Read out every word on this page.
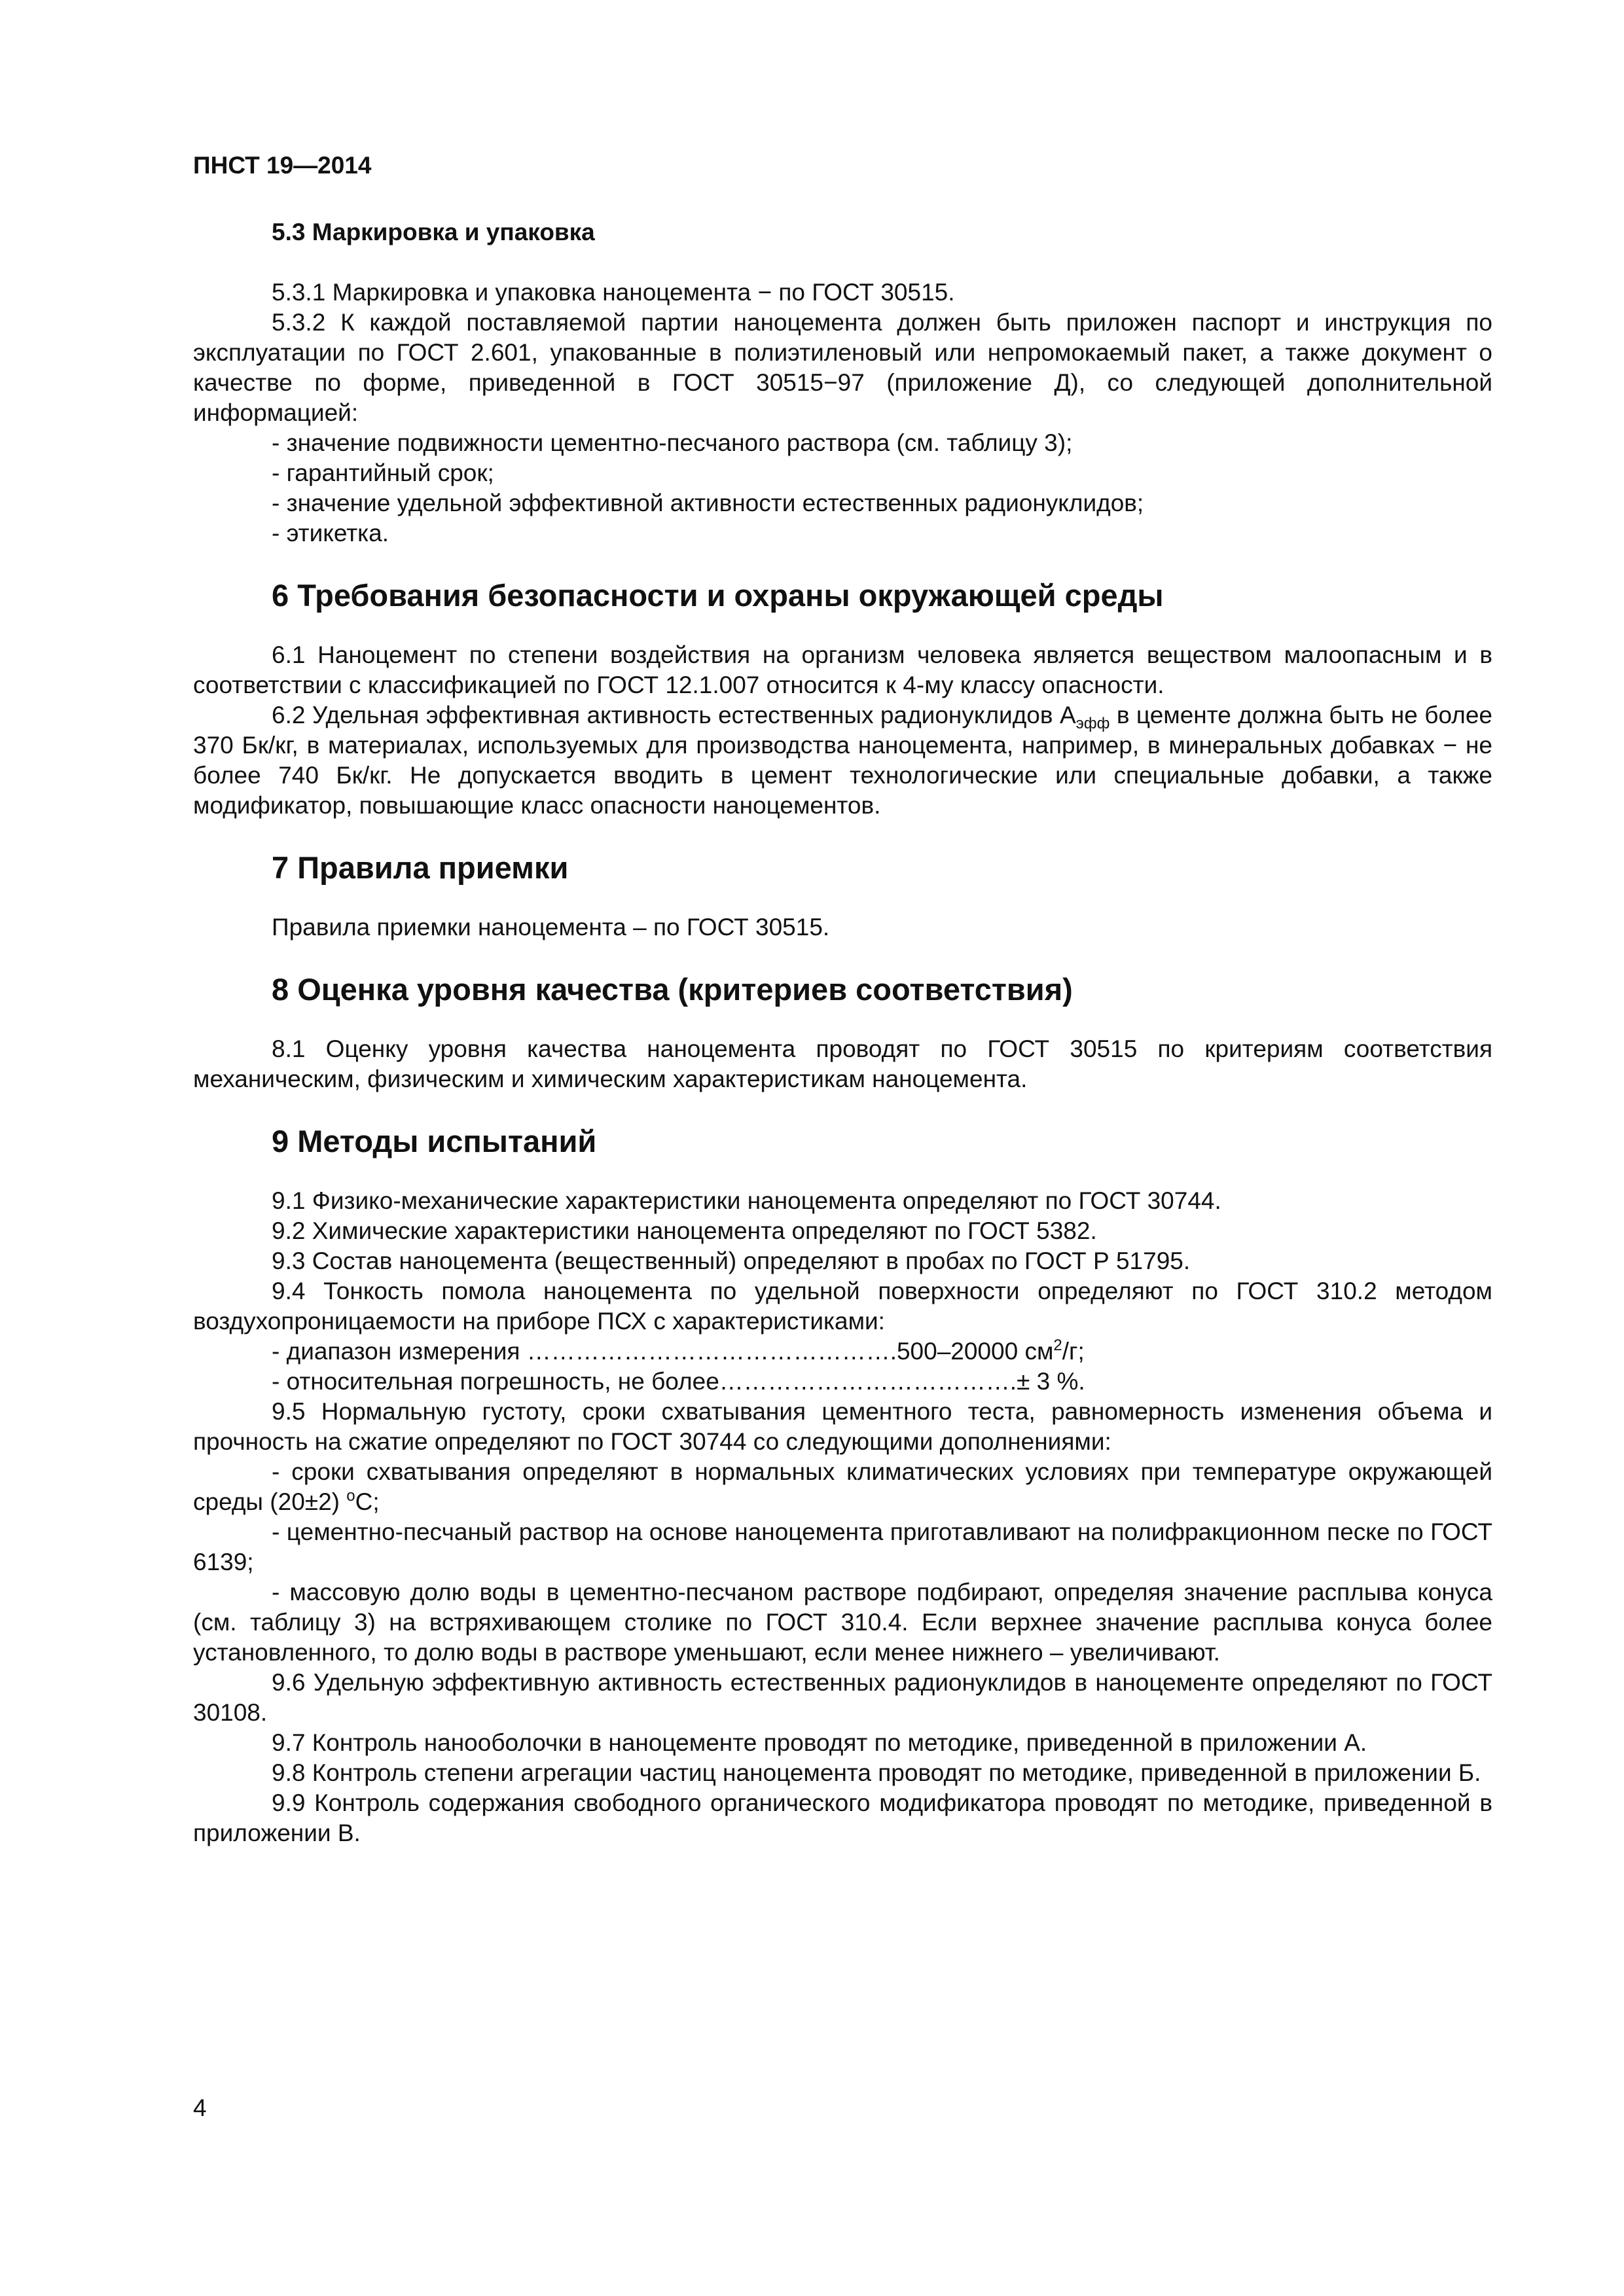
ПНСТ 19—2014

5.3 Маркировка и упаковка

5.3.1 Маркировка и упаковка наноцемента − по ГОСТ 30515.

5.3.2 К каждой поставляемой партии наноцемента должен быть приложен паспорт и инструкция по эксплуатации по ГОСТ 2.601, упакованные в полиэтиленовый или непромокаемый пакет, а также документ о качестве по форме, приведенной в ГОСТ 30515−97 (приложение Д), со следующей дополнительной информацией:

- значение подвижности цементно-песчаного раствора (см. таблицу 3);

- гарантийный срок;

- значение удельной эффективной активности естественных радионуклидов;

- этикетка.

6 Требования безопасности и охраны окружающей среды

6.1 Наноцемент по степени воздействия на организм человека является веществом малоопасным и в соответствии с классификацией по ГОСТ 12.1.007 относится к 4-му классу опасности.

6.2 Удельная эффективная активность естественных радионуклидов $А_{эфф}$ в цементе должна быть не более 370 Бк/кг, в материалах, используемых для производства наноцемента, например, в минеральных добавках − не более 740 Бк/кг. Не допускается вводить в цемент технологические или специальные добавки, а также модификатор, повышающие класс опасности наноцементов.

7 Правила приемки

Правила приемки наноцемента – по ГОСТ 30515.

8 Оценка уровня качества (критериев соответствия)

8.1 Оценку уровня качества наноцемента проводят по ГОСТ 30515 по критериям соответствия механическим, физическим и химическим характеристикам наноцемента.

9 Методы испытаний

9.1 Физико-механические характеристики наноцемента определяют по ГОСТ 30744.

9.2 Химические характеристики наноцемента определяют по ГОСТ 5382.

9.3 Состав наноцемента (вещественный) определяют в пробах по ГОСТ Р 51795.

9.4 Тонкость помола наноцемента по удельной поверхности определяют по ГОСТ 310.2 методом воздухопроницаемости на приборе ПСХ с характеристиками:

- диапазон измерения ……………………………………….500–20000 $см^2/г$;

- относительная погрешность, не более……………………………….± 3 %.

9.5 Нормальную густоту, сроки схватывания цементного теста, равномерность изменения объема и прочность на сжатие определяют по ГОСТ 30744 со следующими дополнениями:

- сроки схватывания определяют в нормальных климатических условиях при температуре окружающей среды (20±2) $^o$С;

- цементно-песчаный раствор на основе наноцемента приготавливают на полифракционном песке по ГОСТ 6139;

- массовую долю воды в цементно-песчаном растворе подбирают, определяя значение расплыва конуса (см. таблицу 3) на встряхивающем столике по ГОСТ 310.4. Если верхнее значение расплыва конуса более установленного, то долю воды в растворе уменьшают, если менее нижнего – увеличивают.

9.6 Удельную эффективную активность естественных радионуклидов в наноцементе определяют по ГОСТ 30108.

9.7 Контроль нанооболочки в наноцементе проводят по методике, приведенной в приложении А.

9.8 Контроль степени агрегации частиц наноцемента проводят по методике, приведенной в приложении Б.

9.9 Контроль содержания свободного органического модификатора проводят по методике, приведенной в приложении В.

4
